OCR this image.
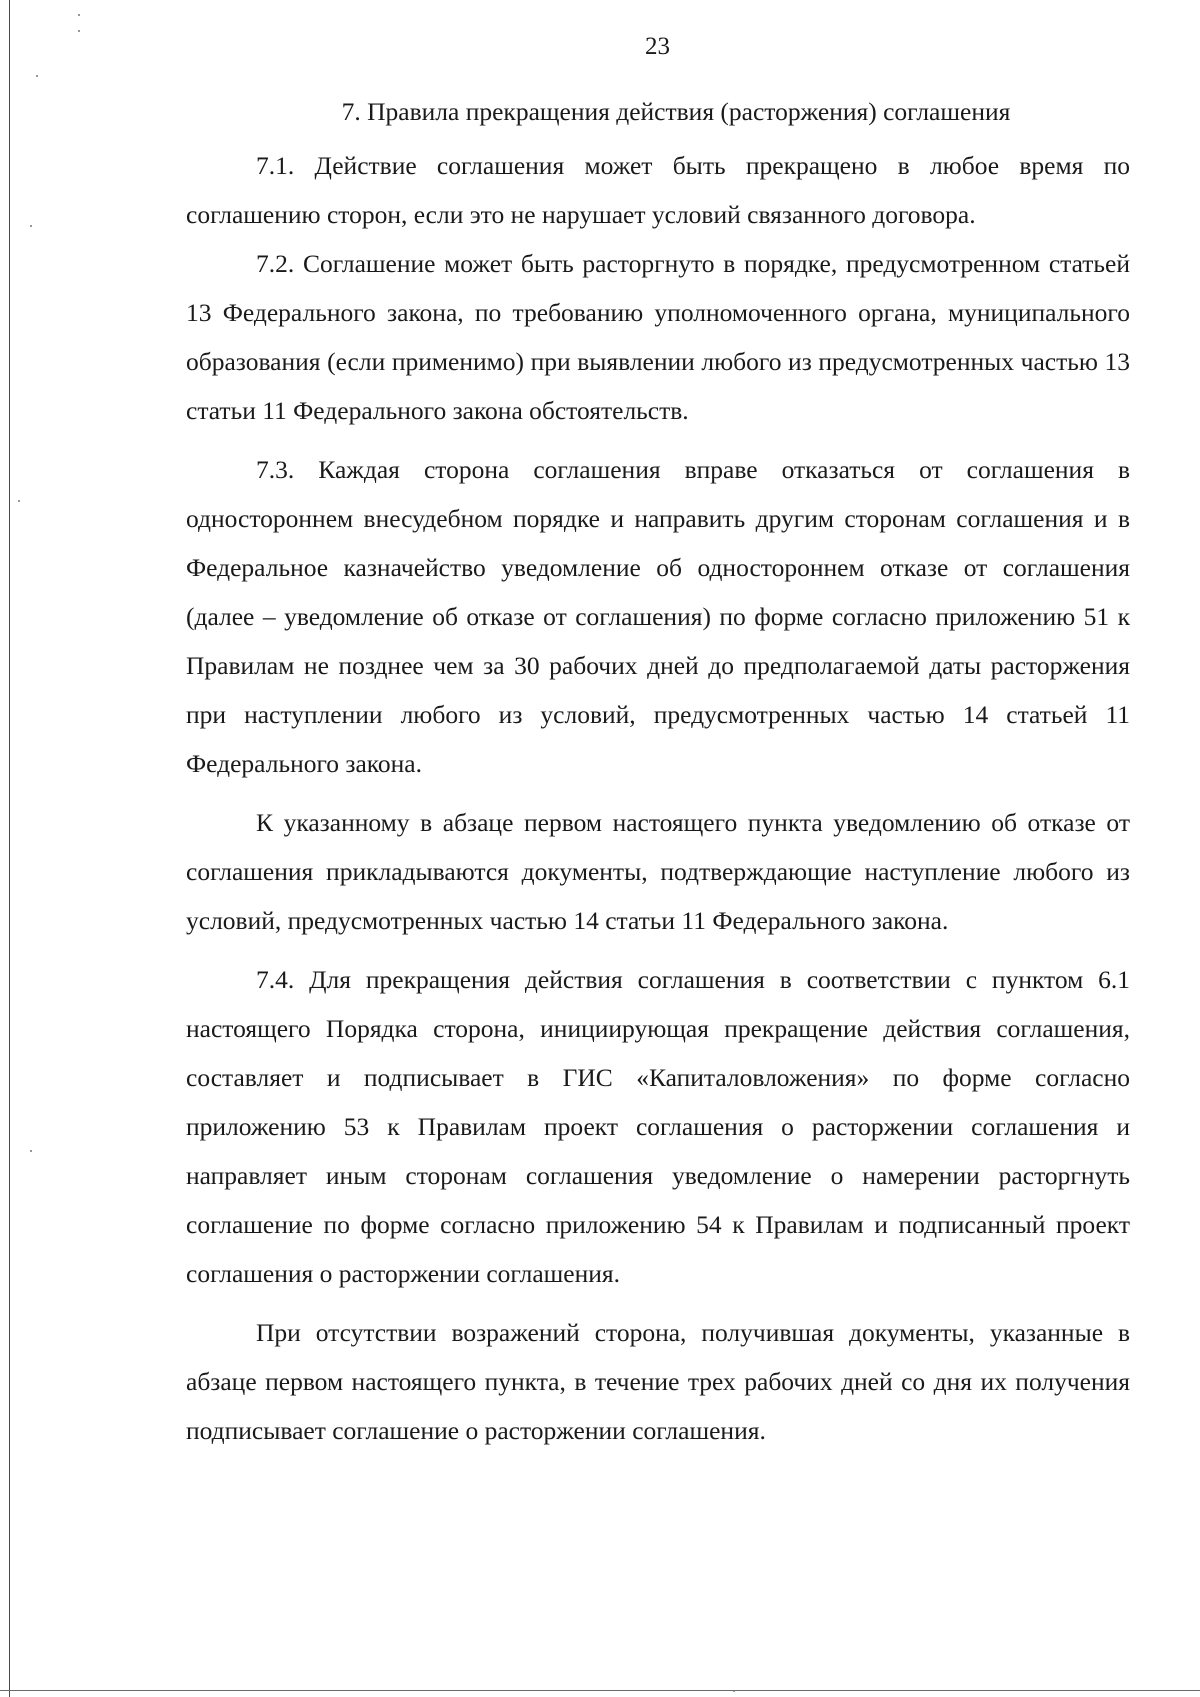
23
7. Правила прекращения действия (расторжения) соглашения

7.1. Действие соглашения может быть прекращено в любое время по соглашению сторон, если это не нарушает условий связанного договора.

7.2. Соглашение может быть расторгнуто в порядке, предусмотренном статьей 13 Федерального закона, по требованию уполномоченного органа, муниципального образования (если применимо) при выявлении любого из предусмотренных частью 13 статьи 11 Федерального закона обстоятельств.

7.3. Каждая сторона соглашения вправе отказаться от соглашения в одностороннем внесудебном порядке и направить другим сторонам соглашения и в Федеральное казначейство уведомление об одностороннем отказе от соглашения (далее – уведомление об отказе от соглашения) по форме согласно приложению 51 к Правилам не позднее чем за 30 рабочих дней до предполагаемой даты расторжения при наступлении любого из условий, предусмотренных частью 14 статьей 11 Федерального закона.

К указанному в абзаце первом настоящего пункта уведомлению об отказе от соглашения прикладываются документы, подтверждающие наступление любого из условий, предусмотренных частью 14 статьи 11 Федерального закона.

7.4. Для прекращения действия соглашения в соответствии с пунктом 6.1 настоящего Порядка сторона, инициирующая прекращение действия соглашения, составляет и подписывает в ГИС «Капиталовложения» по форме согласно приложению 53 к Правилам проект соглашения о расторжении соглашения и направляет иным сторонам соглашения уведомление о намерении расторгнуть соглашение по форме согласно приложению 54 к Правилам и подписанный проект соглашения о расторжении соглашения.

При отсутствии возражений сторона, получившая документы, указанные в абзаце первом настоящего пункта, в течение трех рабочих дней со дня их получения подписывает соглашение о расторжении соглашения.
